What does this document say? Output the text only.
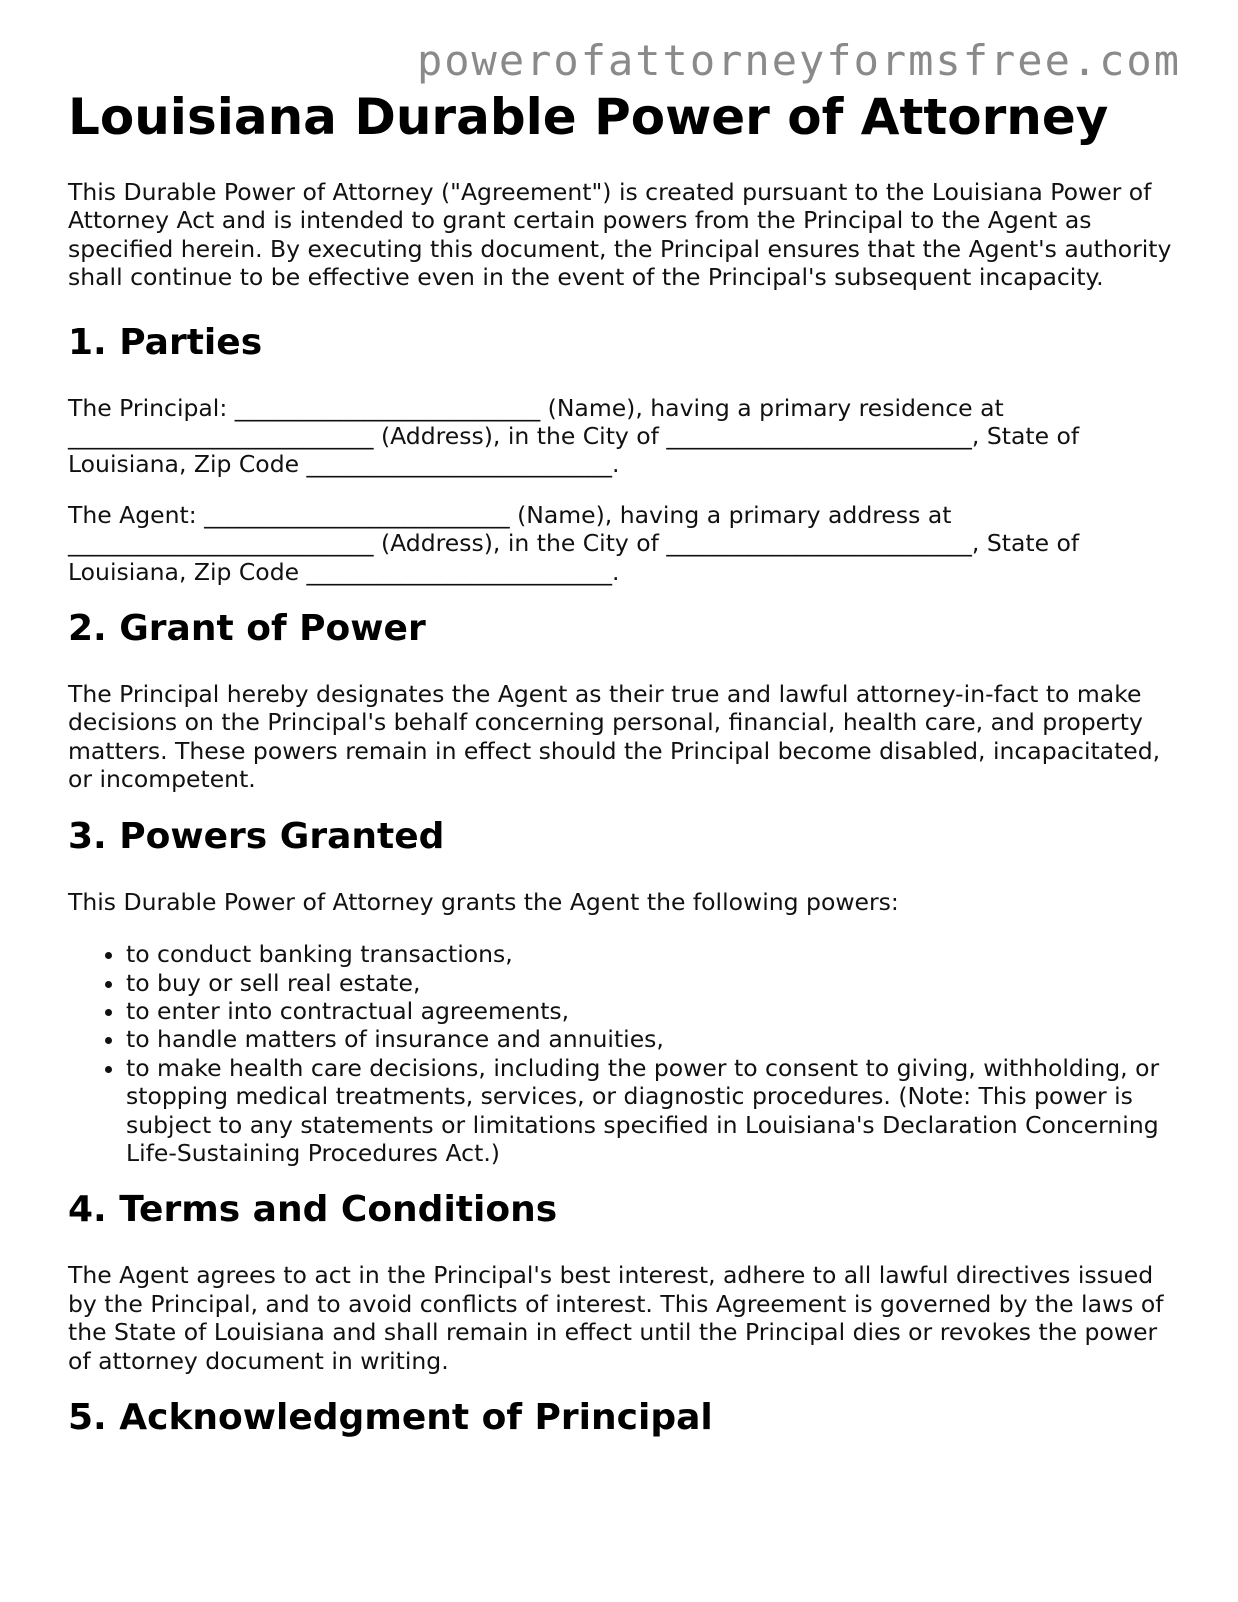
powerofattorneyformsfree.com
Louisiana Durable Power of Attorney

This Durable Power of Attorney ("Agreement") is created pursuant to the Louisiana Power of Attorney Act and is intended to grant certain powers from the Principal to the Agent as specified herein. By executing this document, the Principal ensures that the Agent's authority shall continue to be effective even in the event of the Principal's subsequent incapacity.

1. Parties

The Principal: __________________________ (Name), having a primary residence at __________________________ (Address), in the City of __________________________, State of Louisiana, Zip Code __________________________.

The Agent: __________________________ (Name), having a primary address at __________________________ (Address), in the City of __________________________, State of Louisiana, Zip Code __________________________.

2. Grant of Power

The Principal hereby designates the Agent as their true and lawful attorney-in-fact to make decisions on the Principal's behalf concerning personal, financial, health care, and property matters. These powers remain in effect should the Principal become disabled, incapacitated, or incompetent.

3. Powers Granted

This Durable Power of Attorney grants the Agent the following powers:

• to conduct banking transactions,
• to buy or sell real estate,
• to enter into contractual agreements,
• to handle matters of insurance and annuities,
• to make health care decisions, including the power to consent to giving, withholding, or stopping medical treatments, services, or diagnostic procedures. (Note: This power is subject to any statements or limitations specified in Louisiana's Declaration Concerning Life-Sustaining Procedures Act.)
4. Terms and Conditions

The Agent agrees to act in the Principal's best interest, adhere to all lawful directives issued by the Principal, and to avoid conflicts of interest. This Agreement is governed by the laws of the State of Louisiana and shall remain in effect until the Principal dies or revokes the power of attorney document in writing.

5. Acknowledgment of Principal
